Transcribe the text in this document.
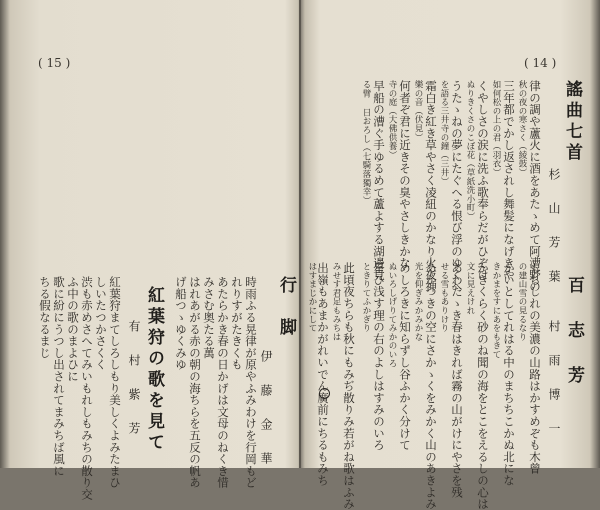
( 15 )
ちる假なるまじ 歌に紛にうつし出されてまみちば風に ふ中の歌のまよひに 渋も赤めさへてみいもれしもみちの散り交 しいたつかさくく 紅葉狩まてしろしもり美しくよみたまひ 有 村 紫 芳 紅葉狩の歌を見て げ船つゝゆくみゆ はれあがる赤の朝の海ちらを五反の帆あ みさむ奥たる萬 あたらかき春の日かげは文母のねくき惜 れりすがたきくも 時雨ふる晃律が原やふみわけを行岡もど 伊 藤 金 華
行　脚
( 14 )
謠曲七首
杉 山 芳 葉
律の調や蘆火に酒をあたゝめて阿漕野の
秋の夜の寒さく（綾鼓）
三年都でかし返されし舞髪になげきや
如何松の上の君（羽衣）
くやしさの涙に洗ふ歌奉らだがひぞけ
ぬりきくさのこぼ花（草紙洗小町）
うたゝねの夢にたぐへる恨び浮のゆくへ
を語る三井寺の鐘（三井）
霜白き紅き草やさく凌紐のかなり火夜神
樂の音（伏見）
何者ぞ君に近きその臭やさしきかな
寺の庭（大佛供養）
早船の漕ぐ手ゆるめて蘆よする湖邊見
る臂 日おろし（七騎落獨幸）
百 志 芳
村 雨 博 一
もちしれの美濃の山路はかすめぞも木曾
の建山雪の見るなり
かいとしてれはる中のまちちこかぬ北にな
きかまをすにあをもきて
かきくらく砂のね聞の海をとこをえるしの心は
文に見えけれ
あわたゝき春はきれば霧の山がけにやさを残
せる雪もありけり
あかつきの空にさかゝくをみかく山のあきよみ
光を仰ぎみかみかな
めしろきに知らずし谷ふかく分けて
ぬいろしげりてみかのいろ
星ひ浅す理の右のよしはすみのいろ
ときりてふかぎり
此頃夜ちらも秋にもみぢ散りみ若がね歌はふみ
みせす君足もみちは
出嶺もあまかがれいでん廣前にちるもみち
はすまじかにして
